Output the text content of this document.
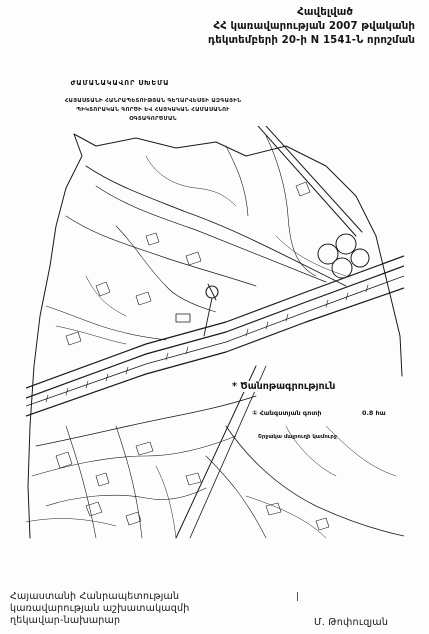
Հավելված
ՀՀ կառավարության 2007 թվականի
դեկտեմբերի 20-ի N 1541-Ն որոշման
ԺԱՄԱՆԱԿԱՎՈՐ ՍԽԵՄԱ
ՀԱՅԱՍՏԱՆԻ ՀԱՆՐԱՊԵՏՈՒԹՅԱՆ ԳԵՂԱՐՎԵՍՏԻ ԱԶԳԱՅԻՆ
ՊԻԿՏՈՐԱԿԱՆ ԳՈՐԾԻ ԵՎ ՀԱՅԿԱԿԱՆ ՀԱՄԱՍԱՆՈՒ
ՕԳՏԱԳՈՐԾՄԱՆ
* Ծանոթագրություն
① Հանգստյան գոտի	0.8 հա
Շրջակա մայրուղի կամուրջ
Հայաստանի Հանրապետության
կառավարության աշխատակազմի
ղեկավար-նախարար
|
Մ. Թոփուզյան
